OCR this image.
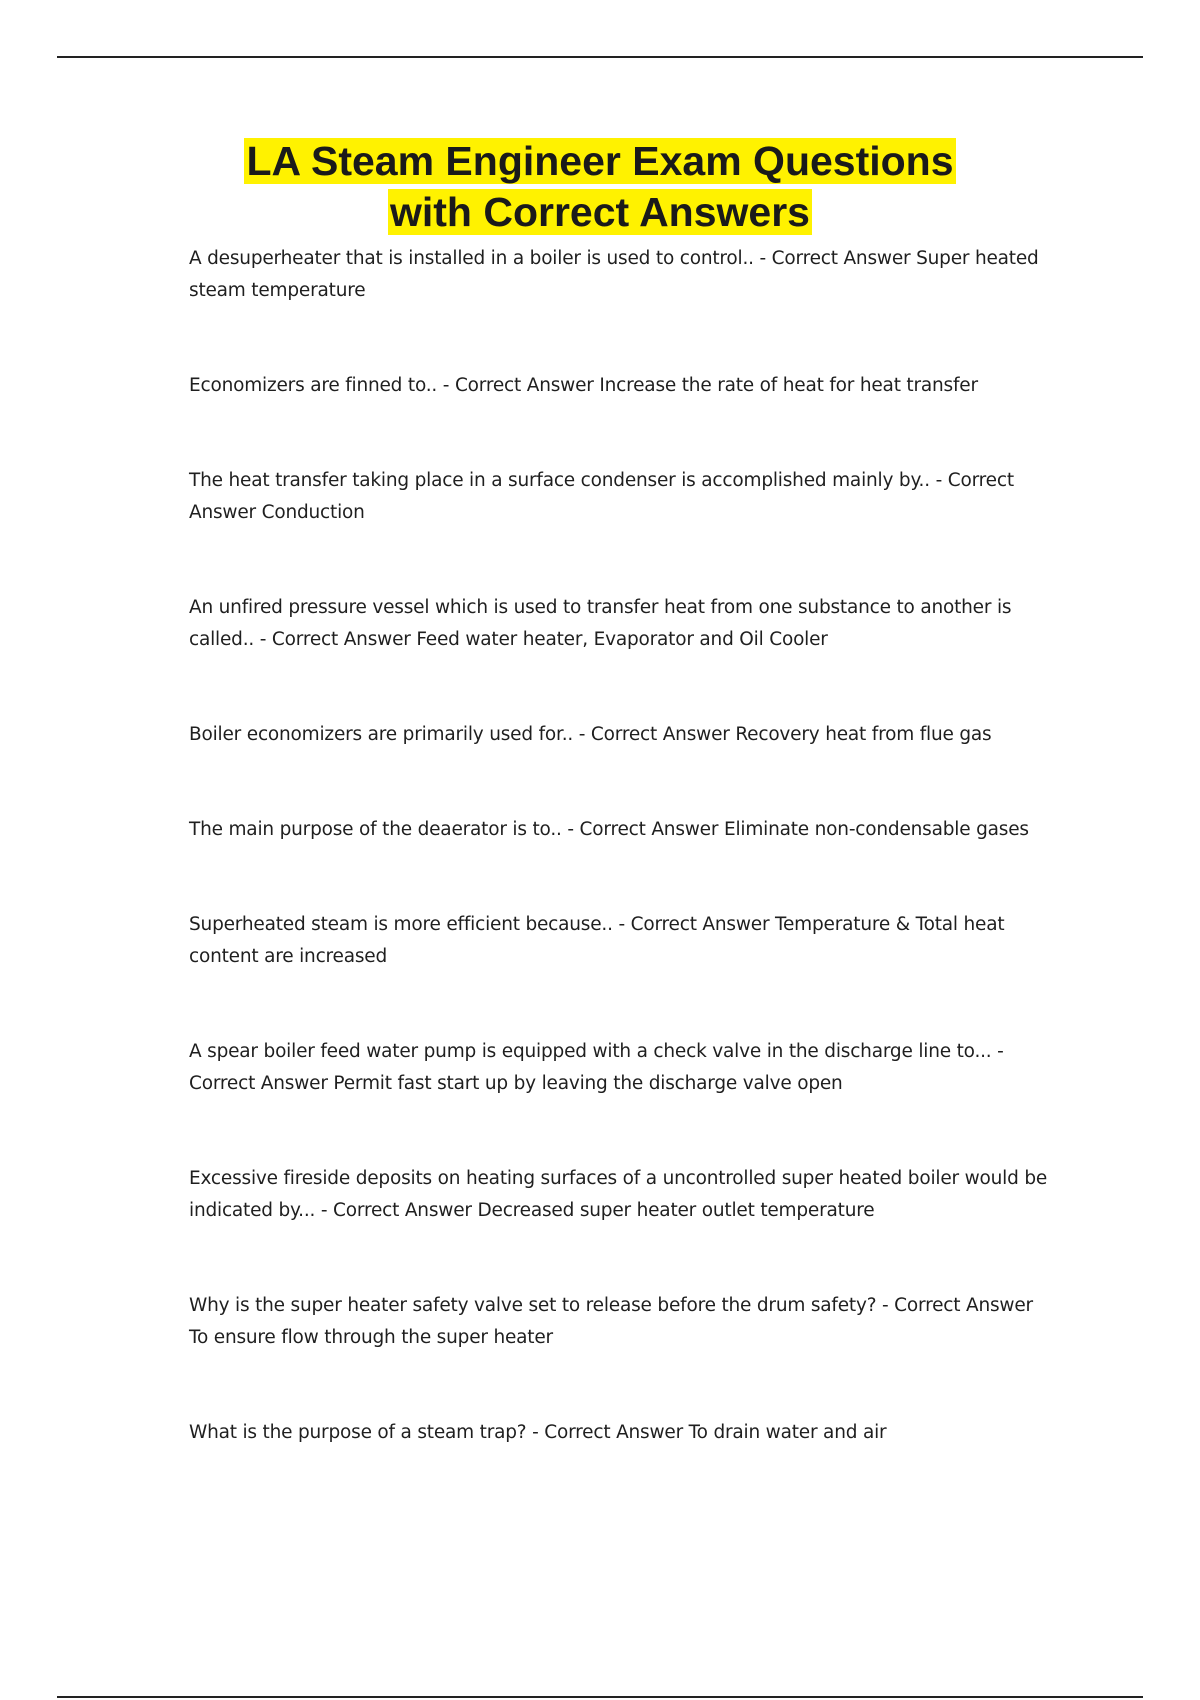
LA Steam Engineer Exam Questions
with Correct Answers
A desuperheater that is installed in a boiler is used to control.. - Correct Answer Super heated steam temperature
Economizers are finned to.. - Correct Answer Increase the rate of heat for heat transfer
The heat transfer taking place in a surface condenser is accomplished mainly by.. - Correct Answer Conduction
An unfired pressure vessel which is used to transfer heat from one substance to another is called.. - Correct Answer Feed water heater, Evaporator and Oil Cooler
Boiler economizers are primarily used for.. - Correct Answer Recovery heat from flue gas
The main purpose of the deaerator is to.. - Correct Answer Eliminate non-condensable gases
Superheated steam is more efficient because.. - Correct Answer Temperature & Total heat content are increased
A spear boiler feed water pump is equipped with a check valve in the discharge line to... - Correct Answer Permit fast start up by leaving the discharge valve open
Excessive fireside deposits on heating surfaces of a uncontrolled super heated boiler would be indicated by... - Correct Answer Decreased super heater outlet temperature
Why is the super heater safety valve set to release before the drum safety? - Correct Answer To ensure flow through the super heater
What is the purpose of a steam trap? - Correct Answer To drain water and air
